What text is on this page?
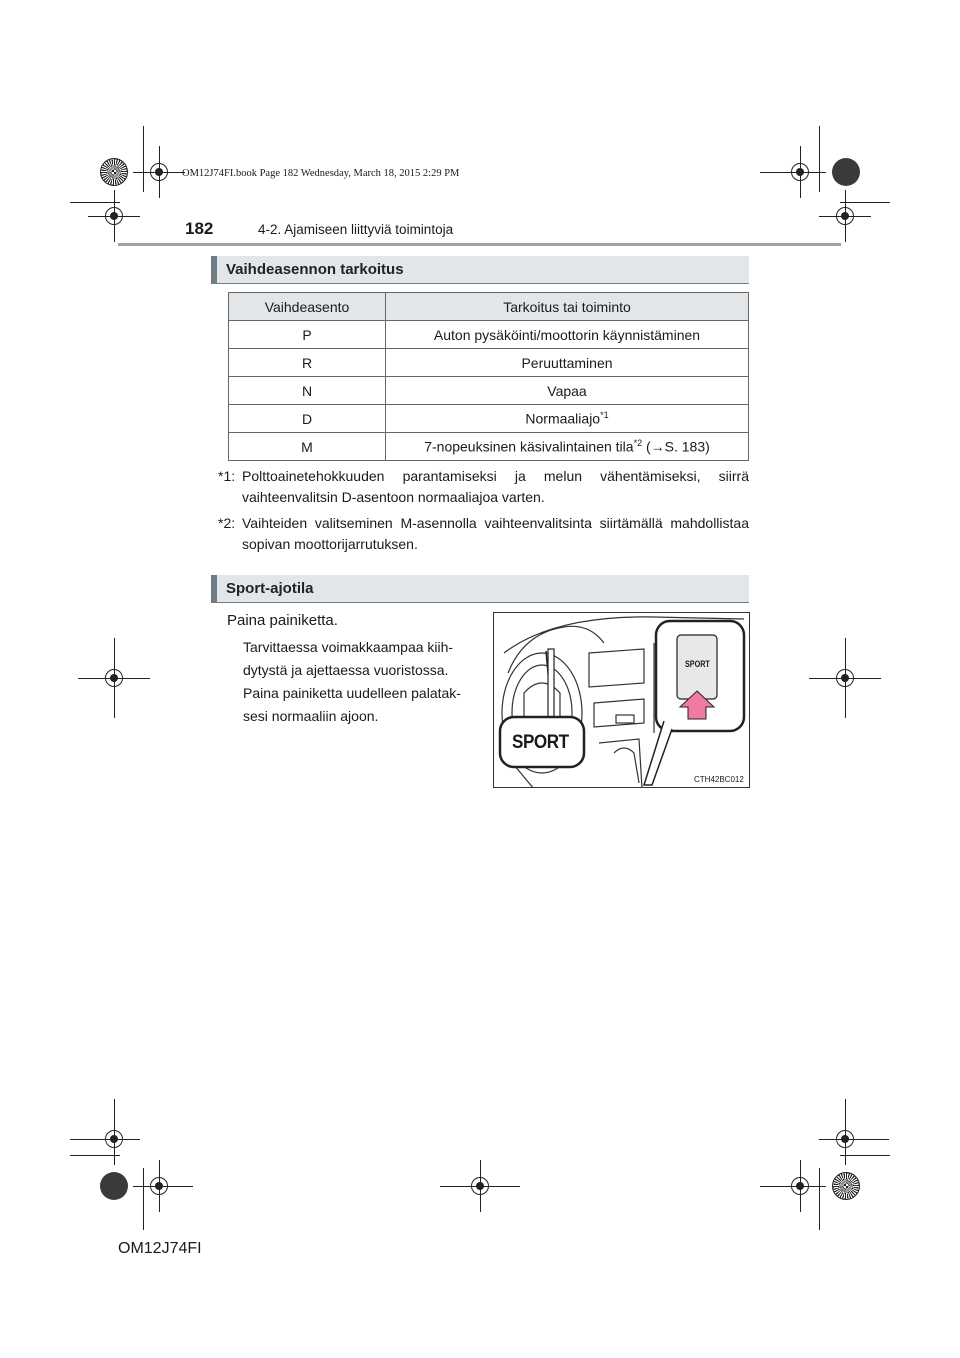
OM12J74FI.book Page 182 Wednesday, March 18, 2015 2:29 PM
182	4-2. Ajamiseen liittyviä toimintoja
Vaihdeasennon tarkoitus
Vaihdeasento	Tarkoitus tai toiminto
P	Auton pysäköinti/moottorin käynnistäminen
R	Peruuttaminen
N	Vapaa
D	Normaaliajo$^{*1}$
M	7-nopeuksinen käsivalintainen tila$^{*2}$ (→S. 183)
*1: Polttoainetehokkuuden parantamiseksi ja melun vähentämiseksi, siirrä vaihteenvalitsin D-asentoon normaaliajoa varten.
*2: Vaihteiden valitseminen M-asennolla vaihteenvalitsinta siirtämällä mahdollistaa sopivan moottorijarrutuksen.
Sport-ajotila
Paina painiketta.
Tarvittaessa voimakkaampaa kiih-
dytystä ja ajettaessa vuoristossa.
Paina painiketta uudelleen palatak-
sesi normaaliin ajoon.
SPORT
SPORT
CTH42BC012
OM12J74FI
